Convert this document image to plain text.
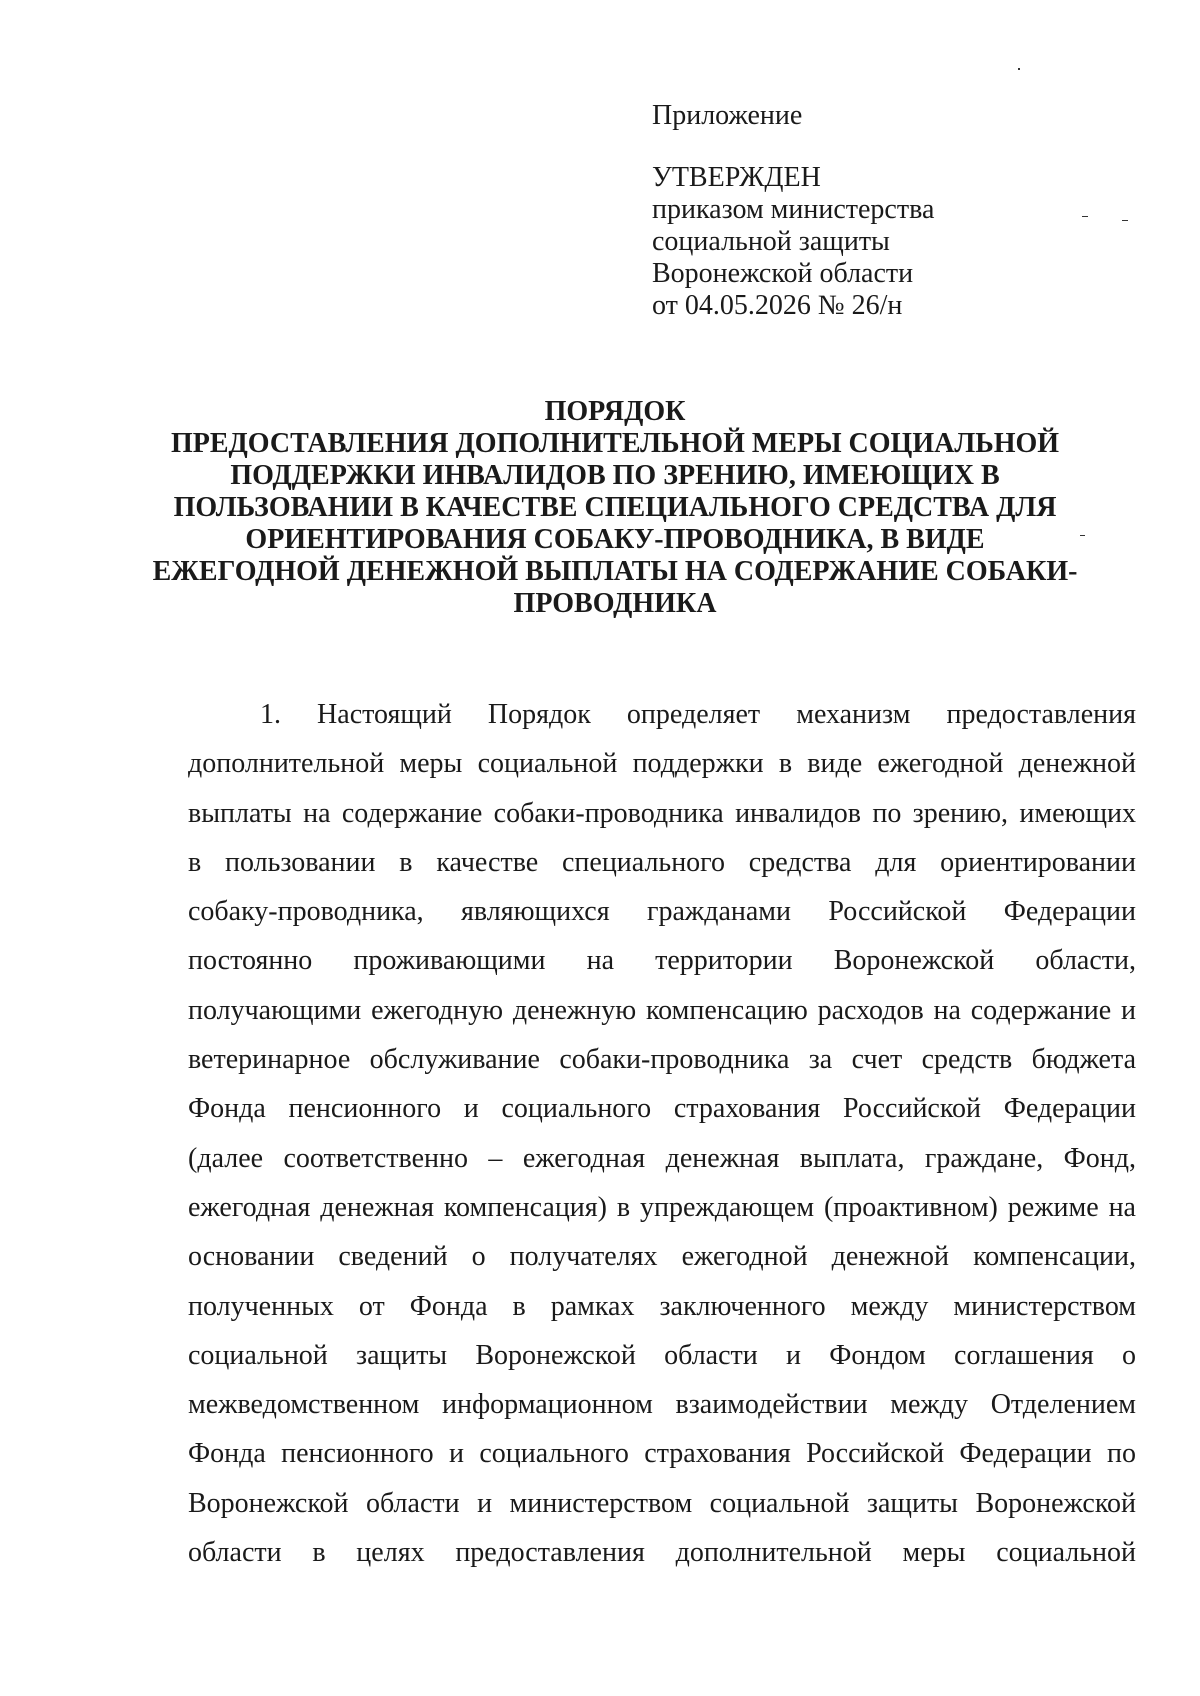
Приложение
УТВЕРЖДЕН
приказом министерства
социальной защиты
Воронежской области
от 04.05.2026 № 26/н
ПОРЯДОК
ПРЕДОСТАВЛЕНИЯ ДОПОЛНИТЕЛЬНОЙ МЕРЫ СОЦИАЛЬНОЙ
ПОДДЕРЖКИ ИНВАЛИДОВ ПО ЗРЕНИЮ, ИМЕЮЩИХ В
ПОЛЬЗОВАНИИ В КАЧЕСТВЕ СПЕЦИАЛЬНОГО СРЕДСТВА ДЛЯ
ОРИЕНТИРОВАНИЯ СОБАКУ-ПРОВОДНИКА, В ВИДЕ
ЕЖЕГОДНОЙ ДЕНЕЖНОЙ ВЫПЛАТЫ НА СОДЕРЖАНИЕ СОБАКИ-
ПРОВОДНИКА
1. Настоящий Порядок определяет механизм предоставления
дополнительной меры социальной поддержки в виде ежегодной денежной
выплаты на содержание собаки-проводника инвалидов по зрению, имеющих
в пользовании в качестве специального средства для ориентировании
собаку-проводника, являющихся гражданами Российской Федерации
постоянно проживающими на территории Воронежской области,
получающими ежегодную денежную компенсацию расходов на содержание и
ветеринарное обслуживание собаки-проводника за счет средств бюджета
Фонда пенсионного и социального страхования Российской Федерации
(далее соответственно – ежегодная денежная выплата, граждане, Фонд,
ежегодная денежная компенсация) в упреждающем (проактивном) режиме на
основании сведений о получателях ежегодной денежной компенсации,
полученных от Фонда в рамках заключенного между министерством
социальной защиты Воронежской области и Фондом соглашения о
межведомственном информационном взаимодействии между Отделением
Фонда пенсионного и социального страхования Российской Федерации по
Воронежской области и министерством социальной защиты Воронежской
области в целях предоставления дополнительной меры социальной
